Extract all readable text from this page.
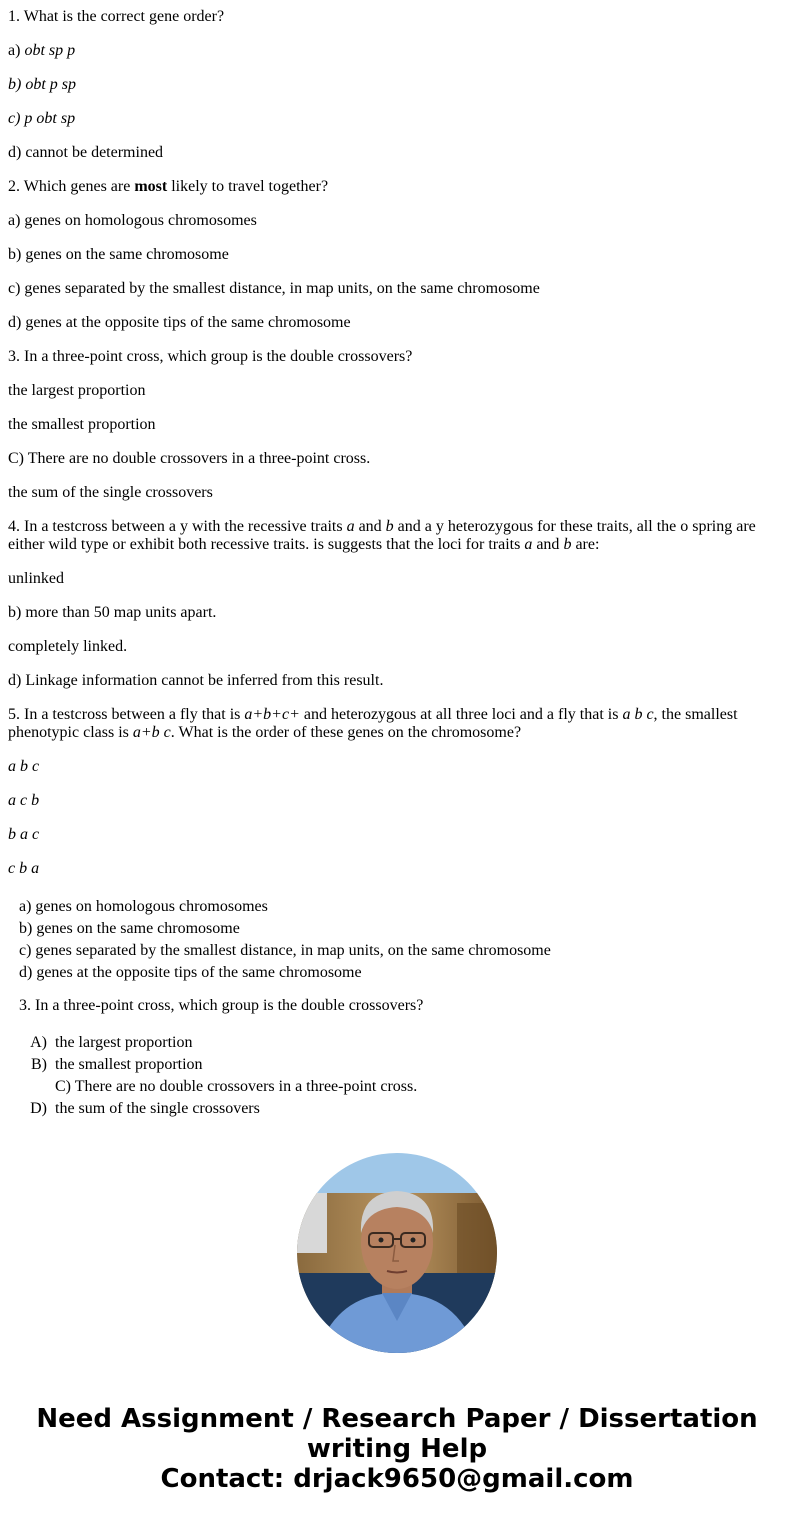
1. What is the correct gene order?

a) obt sp p

b) obt p sp

c) p obt sp

d) cannot be determined

2. Which genes are most likely to travel together?

a) genes on homologous chromosomes

b) genes on the same chromosome

c) genes separated by the smallest distance, in map units, on the same chromosome

d) genes at the opposite tips of the same chromosome

3. In a three-point cross, which group is the double crossovers?

the largest proportion

the smallest proportion

C) There are no double crossovers in a three-point cross.

the sum of the single crossovers

4. In a testcross between a y with the recessive traits a and b and a y heterozygous for these traits, all the o spring are either wild type or exhibit both recessive traits. is suggests that the loci for traits a and b are:

unlinked

b) more than 50 map units apart.

completely linked.

d) Linkage information cannot be inferred from this result.

5. In a testcross between a fly that is a+b+c+ and heterozygous at all three loci and a fly that is a b c, the smallest phenotypic class is a+b c. What is the order of these genes on the chromosome?

a b c

a c b

b a c

c b a

a) genes on homologous chromosomes
b) genes on the same chromosome
c) genes separated by the smallest distance, in map units, on the same chromosome
d) genes at the opposite tips of the same chromosome
3. In a three-point cross, which group is the double crossovers?
A)
the largest proportion
B)
the smallest proportion

C) There are no double crossovers in a three-point cross.
D)
the sum of the single crossovers
Need Assignment / Research Paper / Dissertation
writing Help
Contact: drjack9650@gmail.com
